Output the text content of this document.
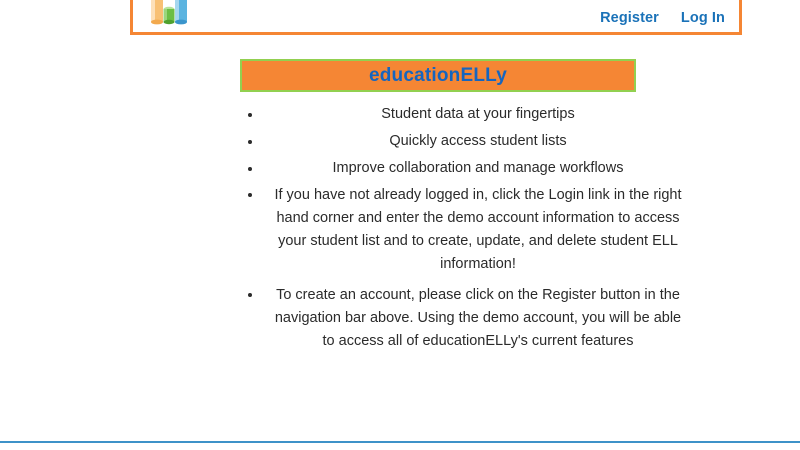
Register Log In
educationELLy
Student data at your fingertips
Quickly access student lists
Improve collaboration and manage workflows
If you have not already logged in, click the Login link in the right hand corner and enter the demo account information to access your student list and to create, update, and delete student ELL information!
To create an account, please click on the Register button in the navigation bar above. Using the demo account, you will be able to access all of educationELLy's current features
